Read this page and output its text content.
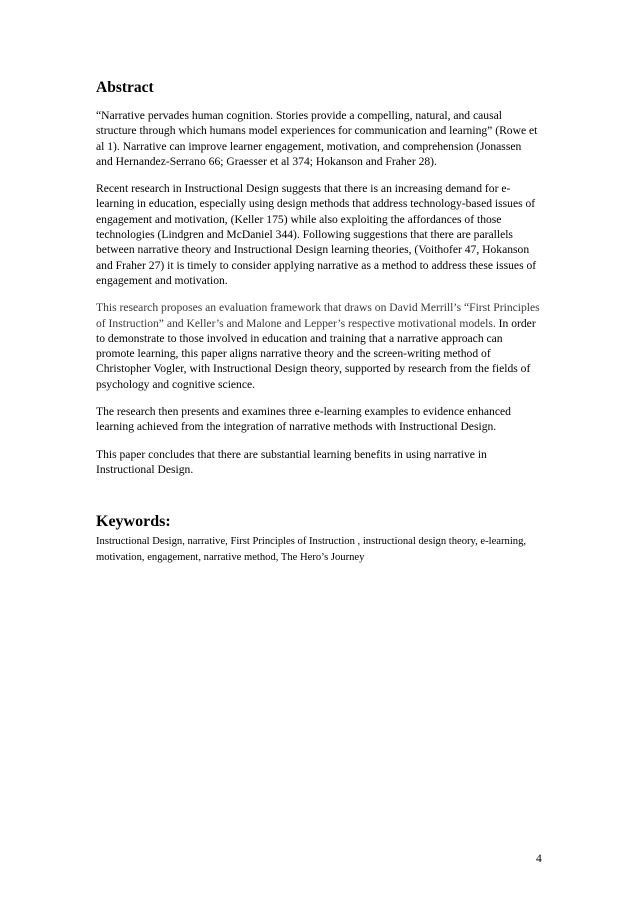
Abstract

“Narrative pervades human cognition. Stories provide a compelling, natural, and causal structure through which humans model experiences for communication and learning” (Rowe et al 1). Narrative can improve learner engagement, motivation, and comprehension (Jonassen and Hernandez-Serrano 66; Graesser et al 374; Hokanson and Fraher 28).

Recent research in Instructional Design suggests that there is an increasing demand for e-learning in education, especially using design methods that address technology-based issues of engagement and motivation, (Keller 175) while also exploiting the affordances of those technologies (Lindgren and McDaniel 344). Following suggestions that there are parallels between narrative theory and Instructional Design learning theories, (Voithofer 47, Hokanson and Fraher 27) it is timely to consider applying narrative as a method to address these issues of engagement and motivation.

This research proposes an evaluation framework that draws on David Merrill’s “First Principles of Instruction” and Keller’s and Malone and Lepper’s respective motivational models. In order to demonstrate to those involved in education and training that a narrative approach can promote learning, this paper aligns narrative theory and the screen-writing method of Christopher Vogler, with Instructional Design theory, supported by research from the fields of psychology and cognitive science.

The research then presents and examines three e-learning examples to evidence enhanced learning achieved from the integration of narrative methods with Instructional Design.

This paper concludes that there are substantial learning benefits in using narrative in Instructional Design.

Keywords:

Instructional Design, narrative, First Principles of Instruction , instructional design theory, e-learning, motivation, engagement, narrative method, The Hero’s Journey

4
